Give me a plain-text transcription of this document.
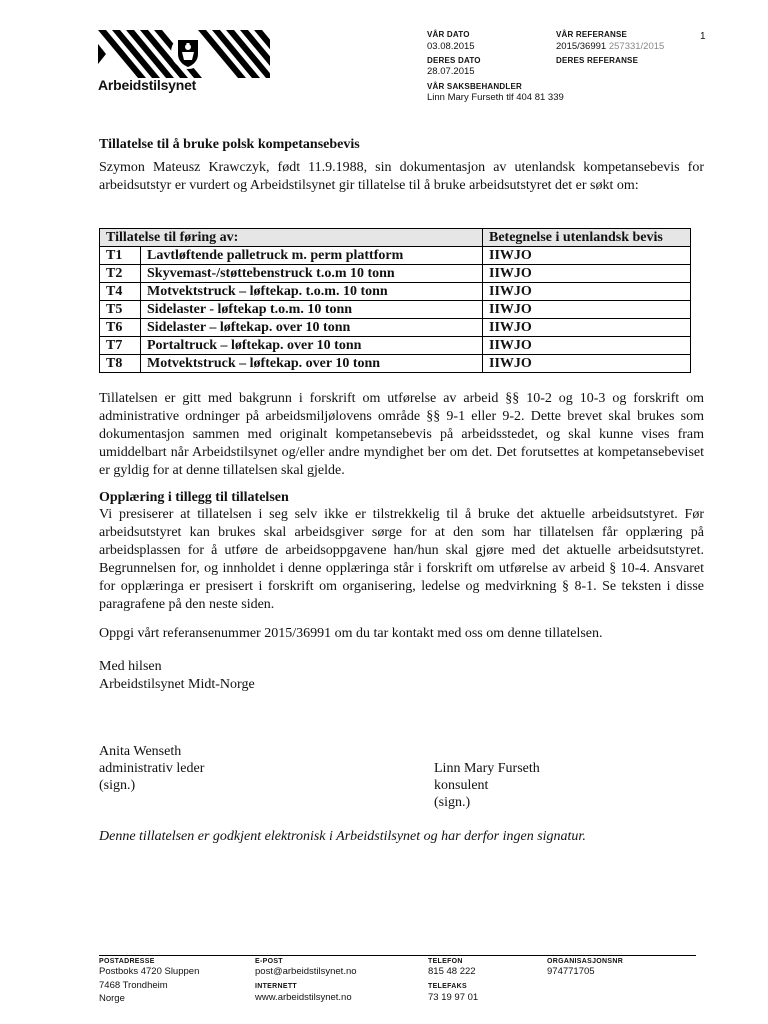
Arbeidstilsynet
VÅR DATO
03.08.2015
VÅR REFERANSE
2015/36991 257331/2015
1
DERES DATO
28.07.2015
DERES REFERANSE
VÅR SAKSBEHANDLER
Linn Mary Furseth tlf 404 81 339
Tillatelse til å bruke polsk kompetansebevis

Szymon Mateusz Krawczyk, født 11.9.1988, sin dokumentasjon av utenlandsk kompetansebevis for arbeidsutstyr er vurdert og Arbeidstilsynet gir tillatelse til å bruke arbeidsutstyret det er søkt om:

Tillatelse til føring av:		Betegnelse i utenlandsk bevis
T1	Lavtløftende palletruck m. perm plattform	IIWJO
T2	Skyvemast-/støttebenstruck t.o.m 10 tonn	IIWJO
T4	Motvektstruck – løftekap. t.o.m. 10 tonn	IIWJO
T5	Sidelaster - løftekap t.o.m. 10 tonn	IIWJO
T6	Sidelaster – løftekap. over 10 tonn	IIWJO
T7	Portaltruck – løftekap. over 10 tonn	IIWJO
T8	Motvektstruck – løftekap. over 10 tonn	IIWJO

Tillatelsen er gitt med bakgrunn i forskrift om utførelse av arbeid §§ 10-2 og 10-3 og forskrift om administrative ordninger på arbeidsmiljølovens område §§ 9-1 eller 9-2. Dette brevet skal brukes som dokumentasjon sammen med originalt kompetansebevis på arbeidsstedet, og skal kunne vises fram umiddelbart når Arbeidstilsynet og/eller andre myndighet ber om det. Det forutsettes at kompetansebeviset er gyldig for at denne tillatelsen skal gjelde.

Opplæring i tillegg til tillatelsen

Vi presiserer at tillatelsen i seg selv ikke er tilstrekkelig til å bruke det aktuelle arbeidsutstyret. Før arbeidsutstyret kan brukes skal arbeidsgiver sørge for at den som har tillatelsen får opplæring på arbeidsplassen for å utføre de arbeidsoppgavene han/hun skal gjøre med det aktuelle arbeidsutstyret. Begrunnelsen for, og innholdet i denne opplæringa står i forskrift om utførelse av arbeid § 10-4. Ansvaret for opplæringa er presisert i forskrift om organisering, ledelse og medvirkning § 8-1. Se teksten i disse paragrafene på den neste siden.

Oppgi vårt referansenummer 2015/36991 om du tar kontakt med oss om denne tillatelsen.
Med hilsen
Arbeidstilsynet Midt-Norge
Anita Wenseth
administrativ leder
(sign.)
Linn Mary Furseth
konsulent
(sign.)
Denne tillatelsen er godkjent elektronisk i Arbeidstilsynet og har derfor ingen signatur.
POSTADRESSE
Postboks 4720 Sluppen
7468 Trondheim
Norge
E-POST
post@arbeidstilsynet.no
INTERNETT
www.arbeidstilsynet.no
TELEFON
815 48 222
TELEFAKS
73 19 97 01
ORGANISASJONSNR
974771705
